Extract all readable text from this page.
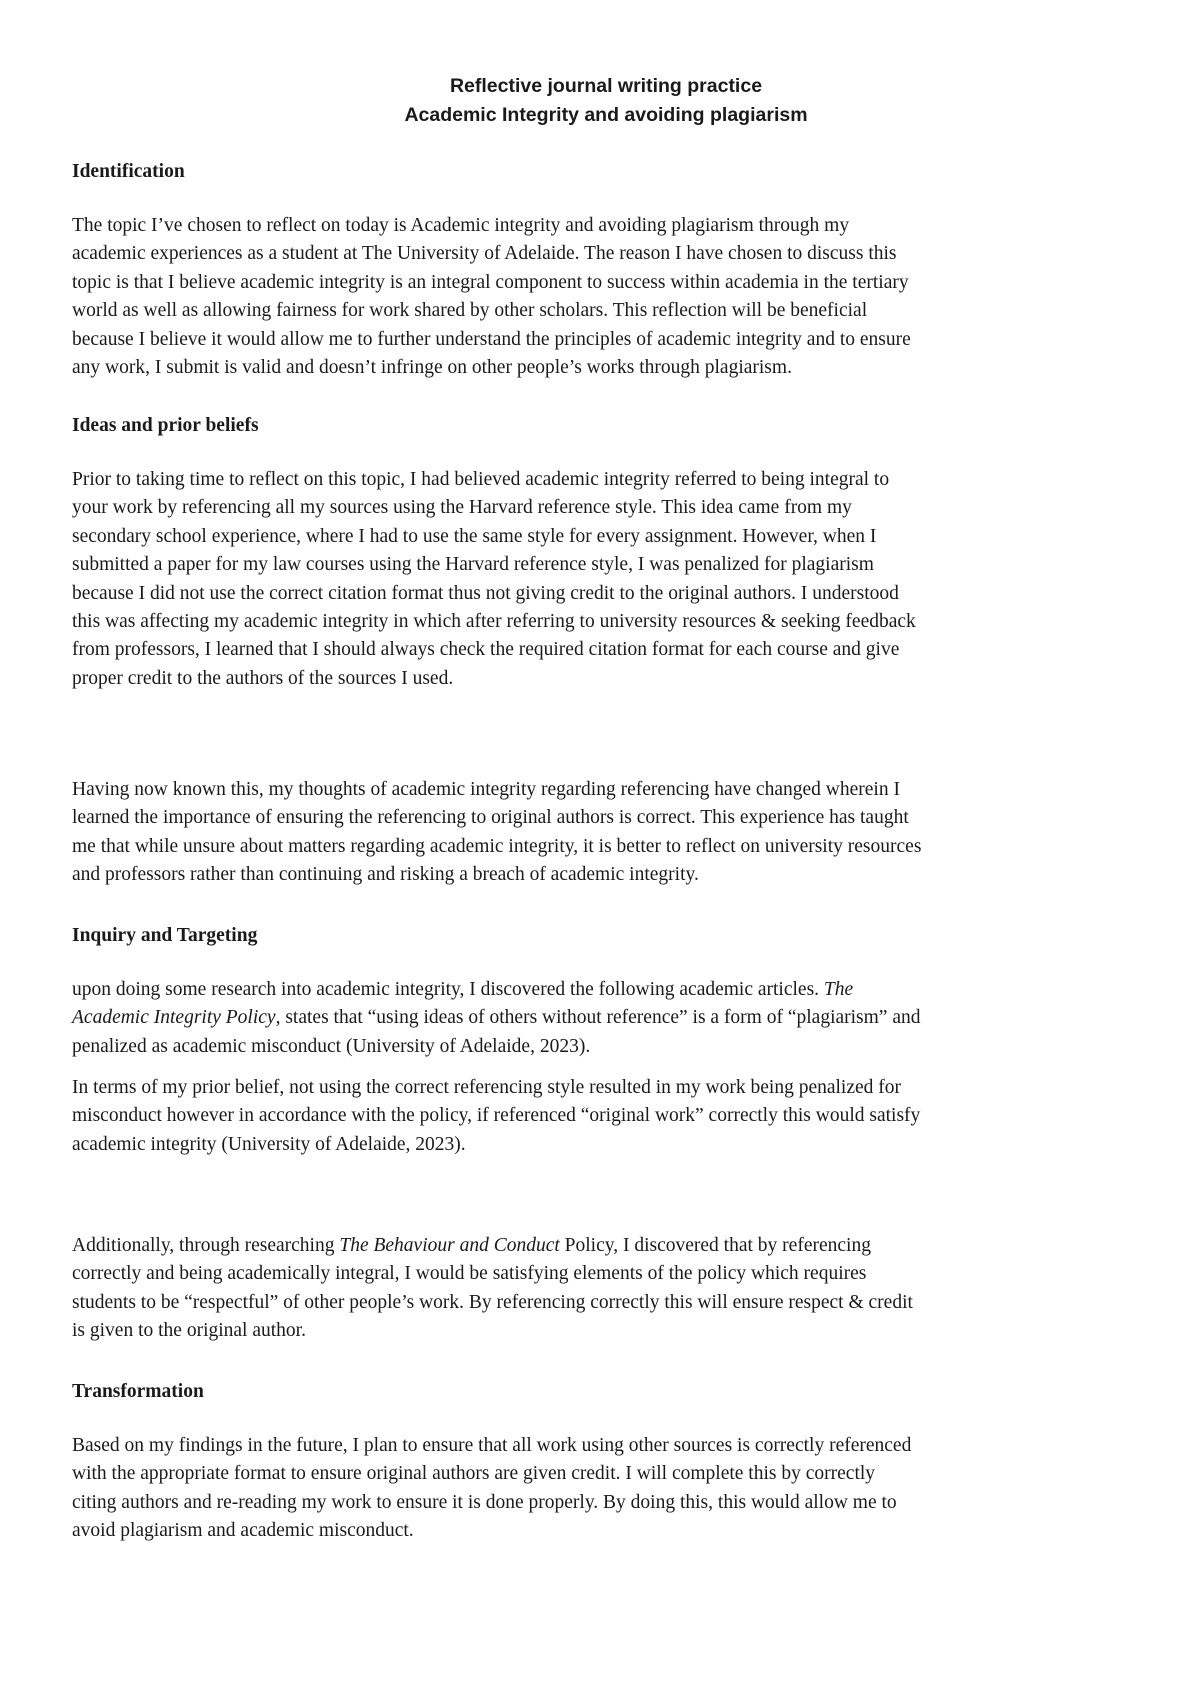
Reflective journal writing practice
Academic Integrity and avoiding plagiarism
Identification
The topic I’ve chosen to reflect on today is Academic integrity and avoiding plagiarism through my
academic experiences as a student at The University of Adelaide. The reason I have chosen to discuss this
topic is that I believe academic integrity is an integral component to success within academia in the tertiary
world as well as allowing fairness for work shared by other scholars. This reflection will be beneficial
because I believe it would allow me to further understand the principles of academic integrity and to ensure
any work, I submit is valid and doesn’t infringe on other people’s works through plagiarism.
Ideas and prior beliefs
Prior to taking time to reflect on this topic, I had believed academic integrity referred to being integral to
your work by referencing all my sources using the Harvard reference style. This idea came from my
secondary school experience, where I had to use the same style for every assignment. However, when I
submitted a paper for my law courses using the Harvard reference style, I was penalized for plagiarism
because I did not use the correct citation format thus not giving credit to the original authors. I understood
this was affecting my academic integrity in which after referring to university resources & seeking feedback
from professors, I learned that I should always check the required citation format for each course and give
proper credit to the authors of the sources I used.
Having now known this, my thoughts of academic integrity regarding referencing have changed wherein I
learned the importance of ensuring the referencing to original authors is correct. This experience has taught
me that while unsure about matters regarding academic integrity, it is better to reflect on university resources
and professors rather than continuing and risking a breach of academic integrity.
Inquiry and Targeting
upon doing some research into academic integrity, I discovered the following academic articles. The
Academic Integrity Policy, states that “using ideas of others without reference” is a form of “plagiarism” and
penalized as academic misconduct (University of Adelaide, 2023).
In terms of my prior belief, not using the correct referencing style resulted in my work being penalized for
misconduct however in accordance with the policy, if referenced “original work” correctly this would satisfy
academic integrity (University of Adelaide, 2023).
Additionally, through researching The Behaviour and Conduct Policy, I discovered that by referencing
correctly and being academically integral, I would be satisfying elements of the policy which requires
students to be “respectful” of other people’s work. By referencing correctly this will ensure respect & credit
is given to the original author.
Transformation
Based on my findings in the future, I plan to ensure that all work using other sources is correctly referenced
with the appropriate format to ensure original authors are given credit. I will complete this by correctly
citing authors and re-reading my work to ensure it is done properly. By doing this, this would allow me to
avoid plagiarism and academic misconduct.
